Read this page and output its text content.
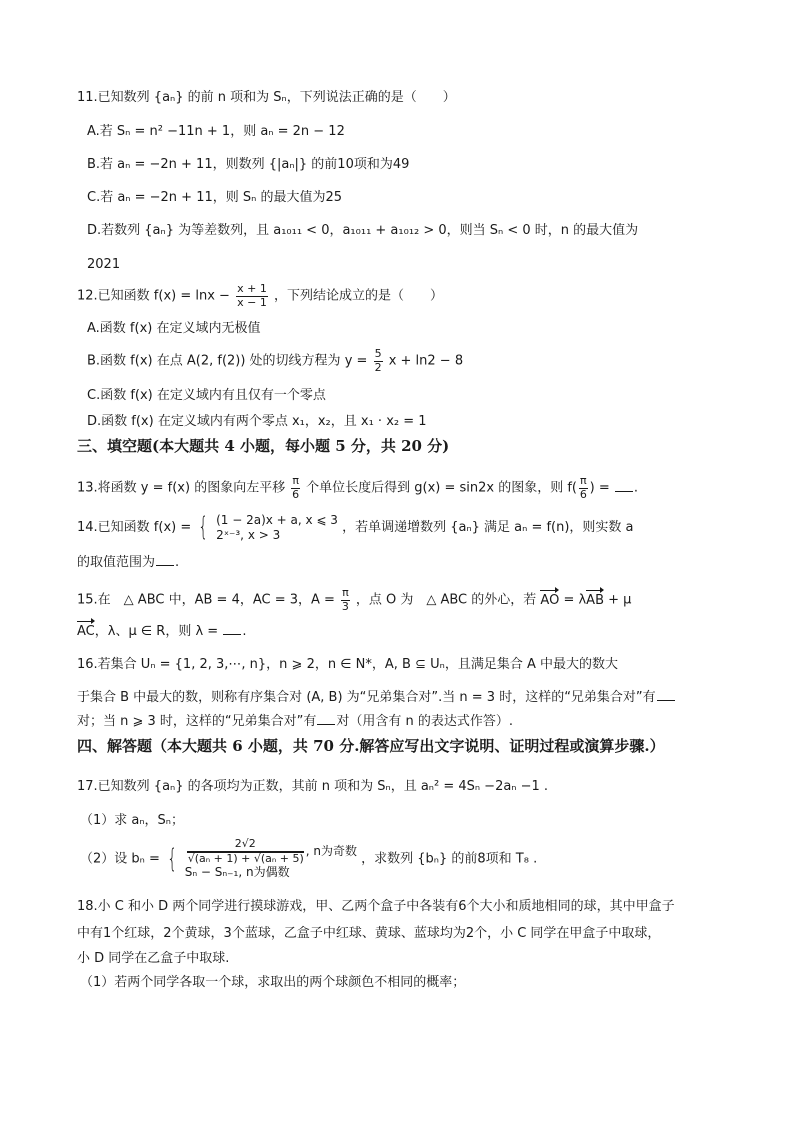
11.已知数列 {aₙ} 的前 n 项和为 Sₙ，下列说法正确的是（　　）
A.若 Sₙ = n² −11n + 1，则 aₙ = 2n − 12
B.若 aₙ = −2n + 11，则数列 {|aₙ|} 的前10项和为49
C.若 aₙ = −2n + 11，则 Sₙ 的最大值为25
D.若数列 {aₙ} 为等差数列，且 a₁₀₁₁ < 0，a₁₀₁₁ + a₁₀₁₂ > 0，则当 Sₙ < 0 时，n 的最大值为
2021
12.已知函数 $f(x) = \ln x - \frac{x + 1}{x - 1}$ ，下列结论成立的是（　　）
A.函数 f(x) 在定义域内无极值
B.函数 f(x) 在点 A(2, f(2)) 处的切线方程为 $y = \frac{5}{2}$ x + ln2 − 8
C.函数 f(x) 在定义域内有且仅有一个零点
D.函数 f(x) 在定义域内有两个零点 x₁，x₂，且 x₁ · x₂ = 1
三、填空题(本大题共 4 小题，每小题 5 分，共 20 分)
13.将函数 y = f(x) 的图象向左平移 $\frac{\pi}{6}$ 个单位长度后得到 g(x) = sin2x 的图象，则 $f( \frac{\pi}{6}$ ) = .
14.已知函数 f(x) = { (1 − 2a)x + a, x ⩽ 3
2ˣ⁻³, x > 3	，若单调递增数列 {aₙ} 满足 aₙ = f(n)，则实数 a
的取值范围为 .
15.在　△ ABC 中，AB = 4，AC = 3，$A = \frac{\pi}{3}$ ，点 O 为　△ ABC 的外心，若 AO = λAB + μ
AC，λ、μ ∈ R，则 λ = .
16.若集合 Uₙ = {1, 2, 3,⋯, n}，n ⩾ 2，n ∈ N*，A, B ⊆ Uₙ，且满足集合 A 中最大的数大
于集合 B 中最大的数，则称有序集合对 (A, B) 为“兄弟集合对”.当 n = 3 时，这样的“兄弟集合对”有
对；当 n ⩾ 3 时，这样的“兄弟集合对”有 对（用含有 n 的表达式作答）.
四、解答题（本大题共 6 小题，共 70 分.解答应写出文字说明、证明过程或演算步骤.）
17.已知数列 {aₙ} 的各项均为正数，其前 n 项和为 Sₙ，且 aₙ² = 4Sₙ −2aₙ −1 .
（1）求 aₙ，Sₙ；
（2）设 bₙ = { $\frac{2√2}{\text{√(aₙ + 1) + √(aₙ + 5)}}$ , n为奇数
Sₙ − Sₙ₋₁, n为偶数
，求数列 {bₙ} 的前8项和 T₈ .
18.小 C 和小 D 两个同学进行摸球游戏，甲、乙两个盒子中各装有6个大小和质地相同的球，其中甲盒子
中有1个红球，2个黄球，3个蓝球，乙盒子中红球、黄球、蓝球均为2个，小 C 同学在甲盒子中取球，
小 D 同学在乙盒子中取球.
（1）若两个同学各取一个球，求取出的两个球颜色不相同的概率；
